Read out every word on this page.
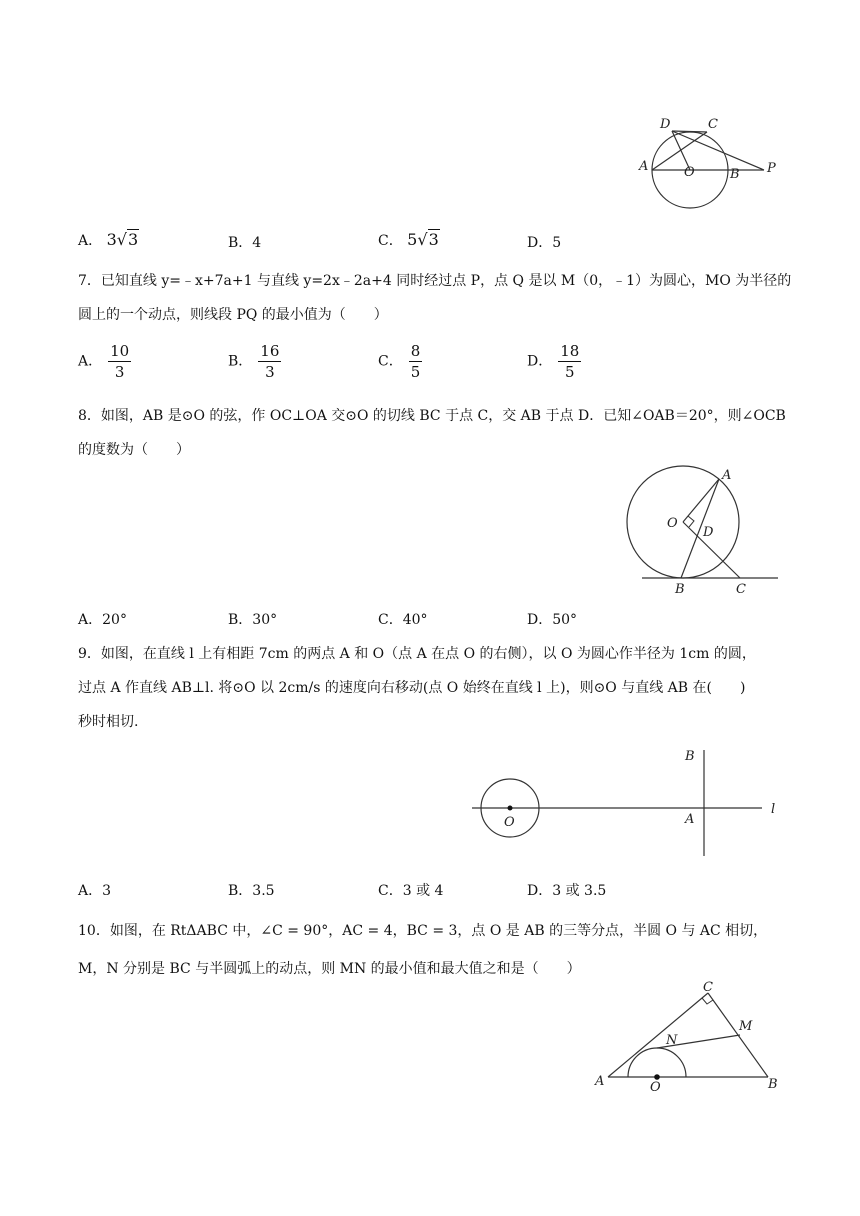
D	C
A	O	B P
A． 3√3	B．4	C． 5√3	D．5
7．已知直线 y=﹣x+7a+1 与直线 y=2x﹣2a+4 同时经过点 P，点 Q 是以 M（0，﹣1）为圆心，MO 为半径的
圆上的一个动点，则线段 PQ 的最小值为（　　）
A． $\frac{10}{3}$	B． $\frac{16}{3}$	C． $\frac{8}{5}$	D． $\frac{18}{5}$
8．如图，AB 是⊙O 的弦，作 OC⊥OA 交⊙O 的切线 BC 于点 C，交 AB 于点 D．已知∠OAB＝20°，则∠OCB
的度数为（　　）
A
O
D
B	C
A．20°	B．30°	C．40°	D．50°
9．如图，在直线 l 上有相距 7cm 的两点 A 和 O（点 A 在点 O 的右侧），以 O 为圆心作半径为 1cm 的圆，
过点 A 作直线 AB⊥l. 将⊙O 以 2cm/s 的速度向右移动(点 O 始终在直线 l 上)，则⊙O 与直线 AB 在(　　)
秒时相切.
B
A
O
l
A．3	B．3.5	C．3 或 4	D．3 或 3.5
10．如图，在 RtΔABC 中，∠C = 90°，AC = 4，BC = 3，点 O 是 AB 的三等分点，半圆 O 与 AC 相切，
M，N 分别是 BC 与半圆弧上的动点，则 MN 的最小值和最大值之和是（　　）
C
M
N
A	O	B
